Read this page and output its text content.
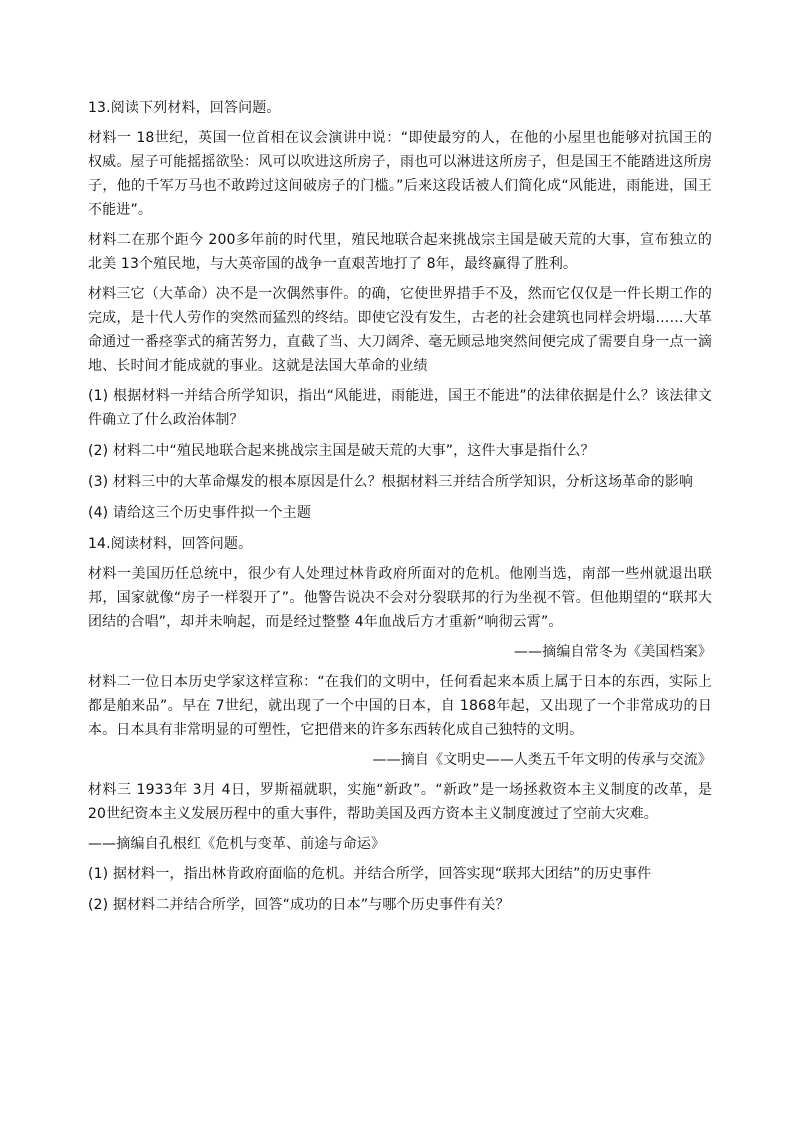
13.阅读下列材料，回答问题。
材料一 18世纪，英国一位首相在议会演讲中说：“即使最穷的人，在他的小屋里也能够对抗国王的权威。屋子可能摇摇欲坠：风可以吹进这所房子，雨也可以淋进这所房子，但是国王不能踏进这所房子，他的千军万马也不敢跨过这间破房子的门槛。”后来这段话被人们简化成“风能进，雨能进，国王不能进”。
材料二在那个距今 200多年前的时代里，殖民地联合起来挑战宗主国是破天荒的大事，宣布独立的北美 13个殖民地，与大英帝国的战争一直艰苦地打了 8年，最终赢得了胜利。
材料三它（大革命）决不是一次偶然事件。的确，它使世界措手不及，然而它仅仅是一件长期工作的完成，是十代人劳作的突然而猛烈的终结。即使它没有发生，古老的社会建筑也同样会坍塌……大革命通过一番痉挛式的痛苦努力，直截了当、大刀阔斧、毫无顾忌地突然间便完成了需要自身一点一滴地、长时间才能成就的事业。这就是法国大革命的业绩
(1) 根据材料一并结合所学知识，指出“风能进，雨能进，国王不能进”的法律依据是什么？该法律文件确立了什么政治体制？
(2) 材料二中“殖民地联合起来挑战宗主国是破天荒的大事”，这件大事是指什么？
(3) 材料三中的大革命爆发的根本原因是什么？根据材料三并结合所学知识，分析这场革命的影响
(4) 请给这三个历史事件拟一个主题
14.阅读材料，回答问题。
材料一美国历任总统中，很少有人处理过林肯政府所面对的危机。他刚当选，南部一些州就退出联邦，国家就像“房子一样裂开了”。他警告说决不会对分裂联邦的行为坐视不管。但他期望的“联邦大团结的合唱”，却并未响起，而是经过整整 4年血战后方才重新“响彻云霄”。
——摘编自常冬为《美国档案》
材料二一位日本历史学家这样宣称：“在我们的文明中，任何看起来本质上属于日本的东西，实际上都是舶来品”。早在 7世纪，就出现了一个中国的日本，自 1868年起，又出现了一个非常成功的日本。日本具有非常明显的可塑性，它把借来的许多东西转化成自己独特的文明。
——摘自《文明史——人类五千年文明的传承与交流》
材料三 1933年 3月 4日，罗斯福就职，实施“新政”。“新政”是一场拯救资本主义制度的改革，是 20世纪资本主义发展历程中的重大事件，帮助美国及西方资本主义制度渡过了空前大灾难。
——摘编自孔根红《危机与变革、前途与命运》
(1) 据材料一，指出林肯政府面临的危机。并结合所学，回答实现“联邦大团结”的历史事件
(2) 据材料二并结合所学，回答“成功的日本”与哪个历史事件有关？
